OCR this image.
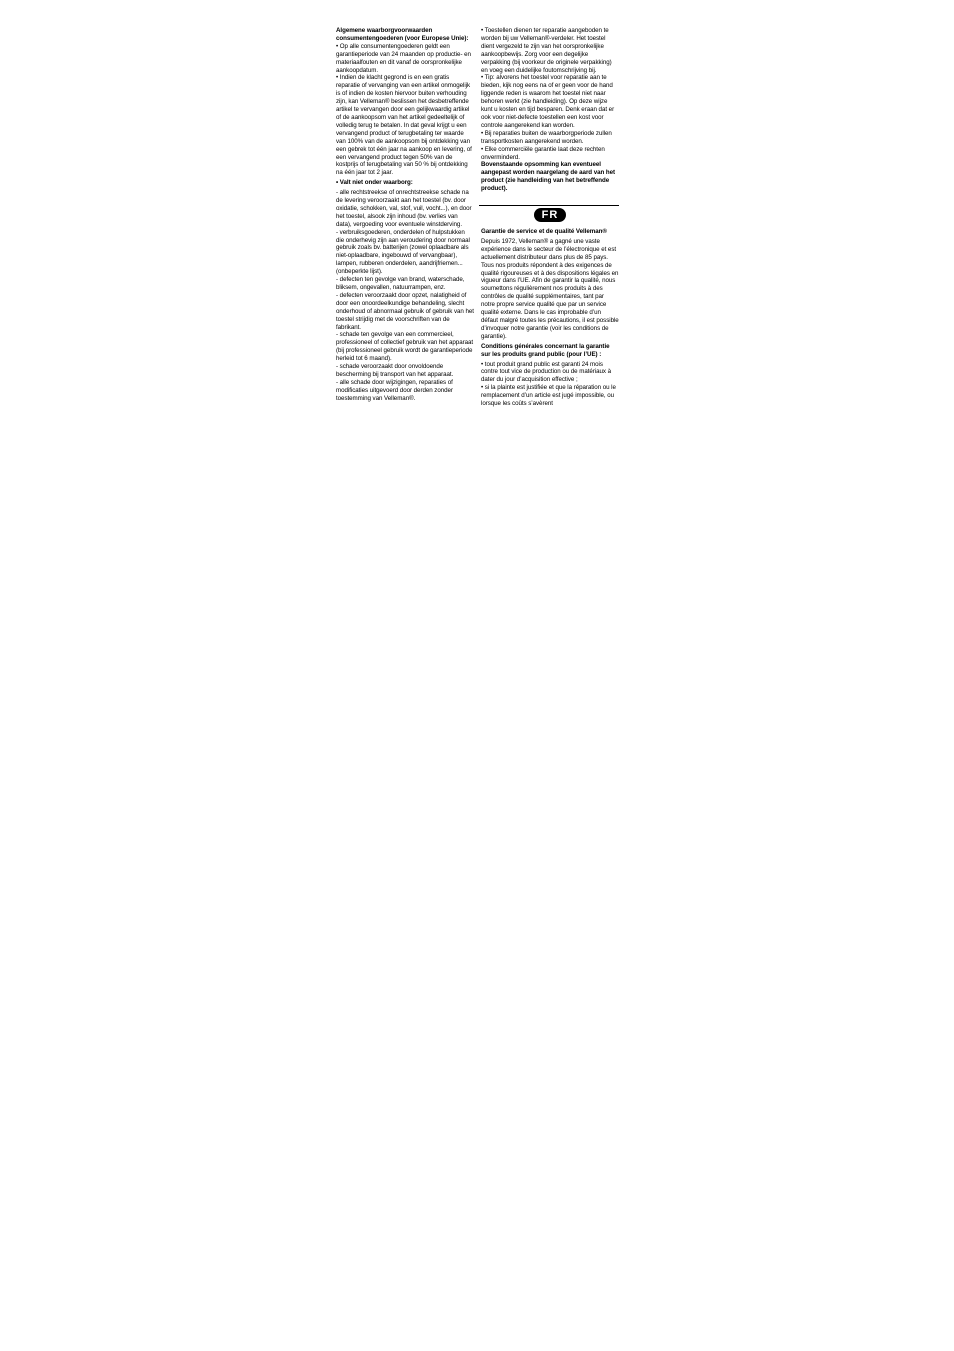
Algemene waarborgvoorwaarden consumentengoederen (voor Europese Unie):

• Op alle consumentengoederen geldt een garantieperiode van 24 maanden op productie- en materiaalfouten en dit vanaf de oorspronkelijke aankoopdatum.

• Indien de klacht gegrond is en een gratis reparatie of vervanging van een artikel onmogelijk is of indien de kosten hiervoor buiten verhouding zijn, kan Velleman® beslissen het desbetreffende artikel te vervangen door een gelijkwaardig artikel of de aankoopsom van het artikel gedeeltelijk of volledig terug te betalen. In dat geval krijgt u een vervangend product of terugbetaling ter waarde van 100% van de aankoopsom bij ontdekking van een gebrek tot één jaar na aankoop en levering, of een vervangend product tegen 50% van de kostprijs of terugbetaling van 50 % bij ontdekking na één jaar tot 2 jaar.

• Valt niet onder waarborg:

- alle rechtstreekse of onrechtstreekse schade na de levering veroorzaakt aan het toestel (bv. door oxidatie, schokken, val, stof, vuil, vocht...), en door het toestel, alsook zijn inhoud (bv. verlies van data), vergoeding voor eventuele winstderving.

- verbruiksgoederen, onderdelen of hulpstukken die onderhevig zijn aan veroudering door normaal gebruik zoals bv. batterijen (zowel oplaadbare als niet-oplaadbare, ingebouwd of vervangbaar), lampen, rubberen onderdelen, aandrijfriemen... (onbeperkte lijst).

- defecten ten gevolge van brand, waterschade, bliksem, ongevallen, natuurrampen, enz.

- defecten veroorzaakt door opzet, nalatigheid of door een onoordeelkundige behandeling, slecht onderhoud of abnormaal gebruik of gebruik van het toestel strijdig met de voorschriften van de fabrikant.

- schade ten gevolge van een commercieel, professioneel of collectief gebruik van het apparaat (bij professioneel gebruik wordt de garantieperiode herleid tot 6 maand).

- schade veroorzaakt door onvoldoende bescherming bij transport van het apparaat.

- alle schade door wijzigingen, reparaties of modificaties uitgevoerd door derden zonder toestemming van Velleman®.

• Toestellen dienen ter reparatie aangeboden te worden bij uw Velleman®-verdeler. Het toestel dient vergezeld te zijn van het oorspronkelijke aankoopbewijs. Zorg voor een degelijke verpakking (bij voorkeur de originele verpakking) en voeg een duidelijke foutomschrijving bij.

• Tip: alvorens het toestel voor reparatie aan te bieden, kijk nog eens na of er geen voor de hand liggende reden is waarom het toestel niet naar behoren werkt (zie handleiding). Op deze wijze kunt u kosten en tijd besparen. Denk eraan dat er ook voor niet-defecte toestellen een kost voor controle aangerekend kan worden.

• Bij reparaties buiten de waarborgperiode zullen transportkosten aangerekend worden.

• Elke commerciële garantie laat deze rechten onverminderd.

Bovenstaande opsomming kan eventueel aangepast worden naargelang de aard van het product (zie handleiding van het betreffende product).

FR

Garantie de service et de qualité Velleman®

Depuis 1972, Velleman® a gagné une vaste expérience dans le secteur de l’électronique et est actuellement distributeur dans plus de 85 pays.

Tous nos produits répondent à des exigences de qualité rigoureuses et à des dispositions légales en vigueur dans l’UE. Afin de garantir la qualité, nous soumettons régulièrement nos produits à des contrôles de qualité supplémentaires, tant par notre propre service qualité que par un service qualité externe. Dans le cas improbable d’un défaut malgré toutes les précautions, il est possible d’invoquer notre garantie (voir les conditions de garantie).

Conditions générales concernant la garantie sur les produits grand public (pour l’UE) :

• tout produit grand public est garanti 24 mois contre tout vice de production ou de matériaux à dater du jour d’acquisition effective ;

• si la plainte est justifiée et que la réparation ou le remplacement d’un article est jugé impossible, ou lorsque les coûts s’avèrent
